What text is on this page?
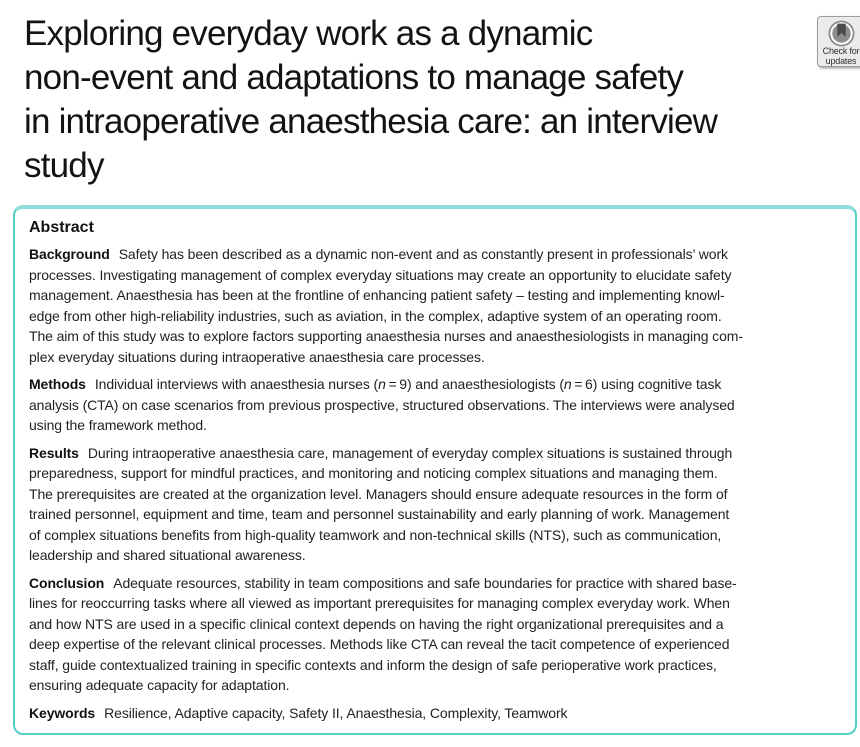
Check for
updates
Exploring everyday work as a dynamic
non-event and adaptations to manage safety
in intraoperative anaesthesia care: an interview
study
Abstract

Background Safety has been described as a dynamic non-event and as constantly present in professionals’ work
processes. Investigating management of complex everyday situations may create an opportunity to elucidate safety
management. Anaesthesia has been at the frontline of enhancing patient safety – testing and implementing knowl-
edge from other high-reliability industries, such as aviation, in the complex, adaptive system of an operating room.
The aim of this study was to explore factors supporting anaesthesia nurses and anaesthesiologists in managing com-
plex everyday situations during intraoperative anaesthesia care processes.

Methods Individual interviews with anaesthesia nurses (n = 9) and anaesthesiologists (n = 6) using cognitive task
analysis (CTA) on case scenarios from previous prospective, structured observations. The interviews were analysed
using the framework method.

Results During intraoperative anaesthesia care, management of everyday complex situations is sustained through
preparedness, support for mindful practices, and monitoring and noticing complex situations and managing them.
The prerequisites are created at the organization level. Managers should ensure adequate resources in the form of
trained personnel, equipment and time, team and personnel sustainability and early planning of work. Management
of complex situations benefits from high-quality teamwork and non-technical skills (NTS), such as communication,
leadership and shared situational awareness.

Conclusion Adequate resources, stability in team compositions and safe boundaries for practice with shared base-
lines for reoccurring tasks where all viewed as important prerequisites for managing complex everyday work. When
and how NTS are used in a specific clinical context depends on having the right organizational prerequisites and a
deep expertise of the relevant clinical processes. Methods like CTA can reveal the tacit competence of experienced
staff, guide contextualized training in specific contexts and inform the design of safe perioperative work practices,
ensuring adequate capacity for adaptation.

Keywords Resilience, Adaptive capacity, Safety II, Anaesthesia, Complexity, Teamwork
